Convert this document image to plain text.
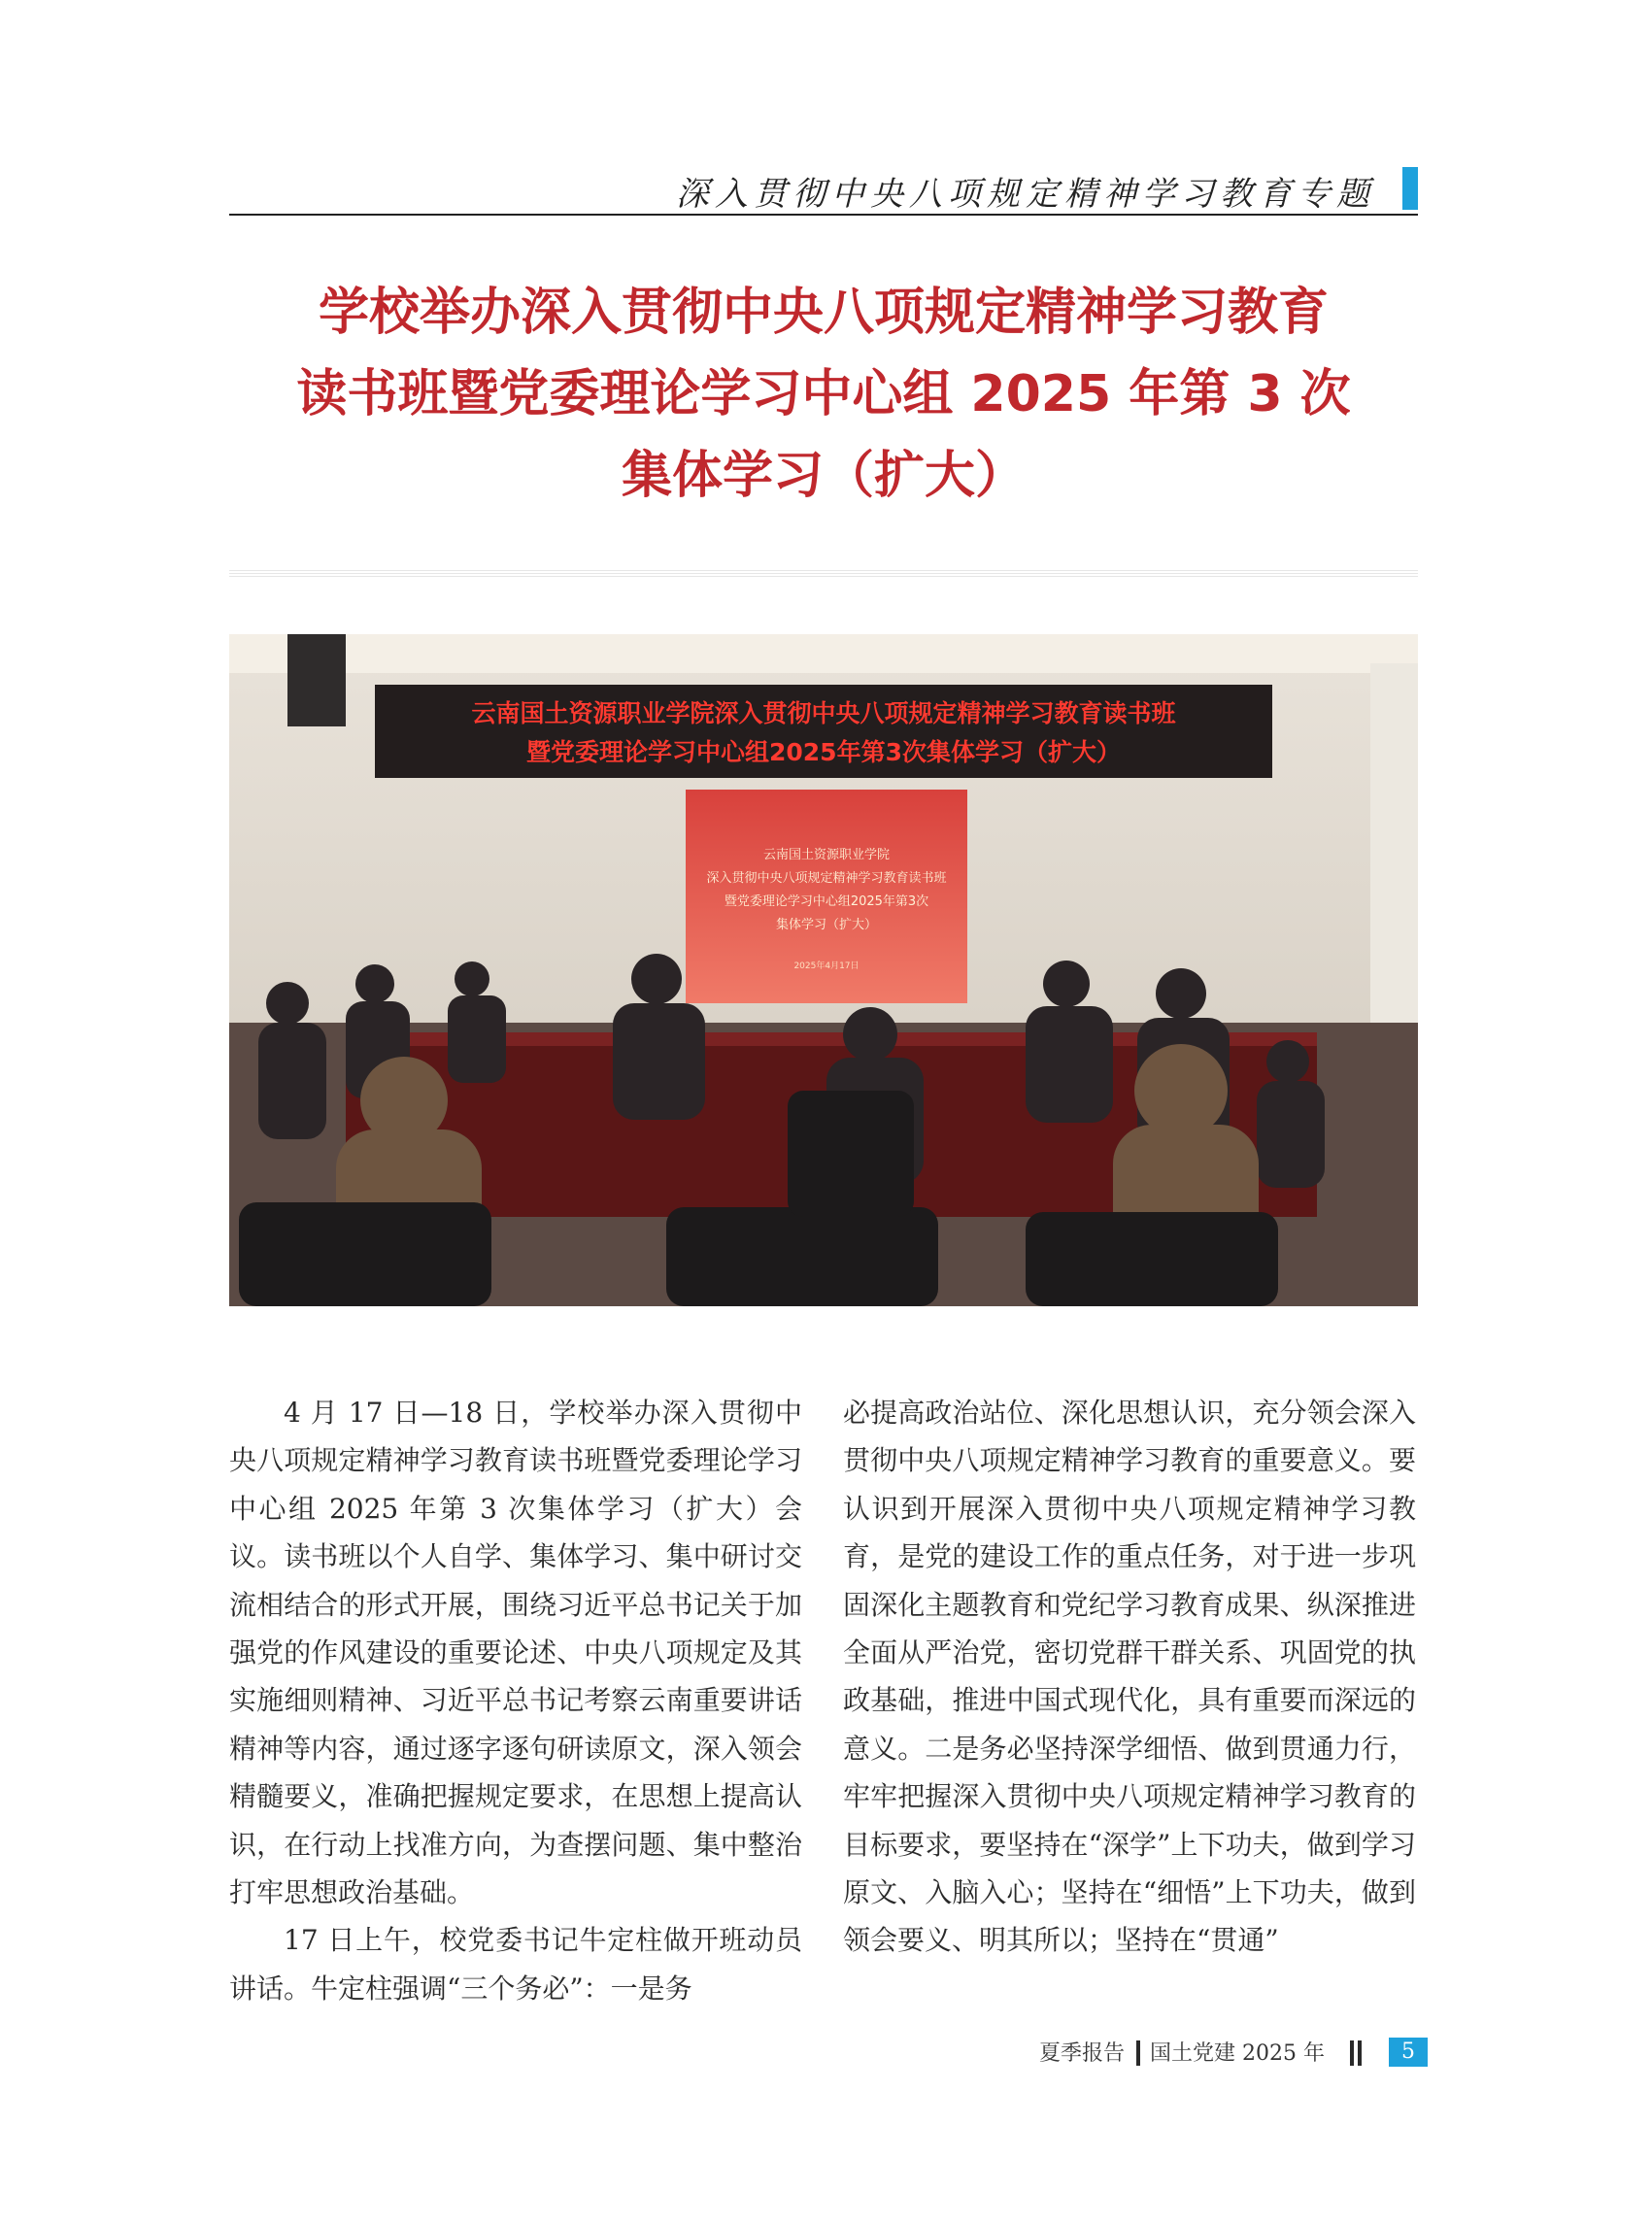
深入贯彻中央八项规定精神学习教育专题
学校举办深入贯彻中央八项规定精神学习教育
读书班暨党委理论学习中心组 2025 年第 3 次
集体学习（扩大）
云南国土资源职业学院深入贯彻中央八项规定精神学习教育读书班
暨党委理论学习中心组2025年第3次集体学习（扩大）
云南国土资源职业学院
深入贯彻中央八项规定精神学习教育读书班
暨党委理论学习中心组2025年第3次
集体学习（扩大）
2025年4月17日

4 月 17 日—18 日，学校举办深入贯彻中央八项规定精神学习教育读书班暨党委理论学习中心组 2025 年第 3 次集体学习（扩大）会议。读书班以个人自学、集体学习、集中研讨交流相结合的形式开展，围绕习近平总书记关于加强党的作风建设的重要论述、中央八项规定及其实施细则精神、习近平总书记考察云南重要讲话精神等内容，通过逐字逐句研读原文，深入领会精髓要义，准确把握规定要求，在思想上提高认识，在行动上找准方向，为查摆问题、集中整治打牢思想政治基础。

17 日上午，校党委书记牛定柱做开班动员讲话。牛定柱强调“三个务必”：一是务

必提高政治站位、深化思想认识，充分领会深入贯彻中央八项规定精神学习教育的重要意义。要认识到开展深入贯彻中央八项规定精神学习教育，是党的建设工作的重点任务，对于进一步巩固深化主题教育和党纪学习教育成果、纵深推进全面从严治党，密切党群干群关系、巩固党的执政基础，推进中国式现代化，具有重要而深远的意义。二是务必坚持深学细悟、做到贯通力行，牢牢把握深入贯彻中央八项规定精神学习教育的目标要求，要坚持在“深学”上下功夫，做到学习原文、入脑入心；坚持在“细悟”上下功夫，做到领会要义、明其所以；坚持在“贯通”

夏季报告 国土党建 2025 年	5
